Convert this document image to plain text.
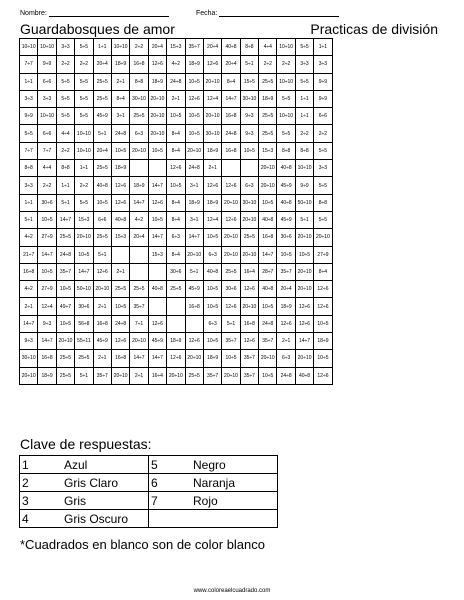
Nombre:	Fecha:
Guardabosques de amor	Practicas de división
10÷10	10÷10	3÷3	5÷5	1÷1	10÷10	2÷2	20÷4	15÷3	35÷7	20÷4	40÷8	8÷8	4÷4	10÷10	5÷5	1÷1
7÷7	9÷9	2÷2	2÷2	20÷4	18÷9	16÷8	12÷6	4÷2	18÷9	12÷6	20÷4	5÷1	2÷2	2÷2	3÷3	3÷3
1÷1	6÷6	5÷5	5÷5	25÷5	2÷1	8÷8	18÷9	24÷8	10÷5	20÷10	8÷4	15÷5	25÷5	10÷10	5÷5	9÷9
3÷3	3÷3	5÷5	5÷5	25÷5	8÷4	30÷10	20÷10	2÷1	12÷6	12÷4	14÷7	30÷10	18÷9	5÷5	1÷1	9÷9
9÷9	10÷10	5÷5	5÷5	45÷9	3÷1	25÷5	20÷10	10÷5	10÷5	20÷10	16÷8	9÷3	25÷5	10÷10	1÷1	6÷6
5÷5	6÷6	4÷4	10÷10	5÷1	24÷8	6÷3	20÷10	8÷4	10÷5	30÷10	24÷8	9÷3	25÷5	5÷5	2÷2	2÷2
7÷7	7÷7	2÷2	10÷10	20÷4	10÷5	20÷10	10÷5	8÷4	20÷10	18÷9	16÷8	10÷5	15÷3	8÷8	8÷8	5÷5
8÷8	4÷4	8÷8	1÷1	25÷5	18÷9			12÷6	24÷8	2÷1			20÷10	40÷8	10÷10	3÷3
3÷3	2÷2	1÷1	2÷2	40÷8	12÷6	18÷9	14÷7	10÷5	3÷1	12÷6	12÷6	6÷3	20÷10	45÷9	9÷9	5÷5
1÷1	30÷6	5÷1	5÷5	10÷5	12÷6	14÷7	12÷6	8÷4	18÷9	18÷9	20÷10	30÷10	10÷5	40÷8	50÷10	8÷8
5÷1	10÷5	14÷7	15÷3	6÷6	40÷8	4÷2	10÷5	8÷4	3÷1	12÷4	12÷6	20÷10	40÷8	45÷9	5÷1	5÷5
4÷2	27÷9	25÷5	20÷10	25÷5	15÷3	20÷4	14÷7	6÷3	14÷7	10÷5	20÷10	25÷5	16÷8	30÷6	20÷10	20÷10
21÷7	14÷7	24÷8	10÷5	5÷1			15÷3	8÷4	20÷10	6÷3	20÷10	20÷10	14÷7	10÷5	10÷5	27÷9
16÷8	10÷5	35÷7	14÷7	12÷6	2÷1			30÷6	5÷1	40÷8	25÷5	16÷4	28÷7	35÷7	20÷10	8÷4
4÷2	27÷9	10÷5	50÷10	20÷10	25÷5	25÷5	40÷8	25÷5	45÷9	10÷5	30÷6	12÷6	40÷8	20÷4	20÷10	12÷6
2÷1	12÷4	49÷7	30÷6	2÷1	10÷5	35÷7			16÷8	10÷5	12÷6	20÷10	10÷5	18÷9	12÷6	12÷6
14÷7	9÷3	10÷5	56÷8	16÷8	24÷8	7÷1	12÷6			6÷3	5÷1	16÷8	24÷8	12÷6	12÷6	10÷5
9÷3	14÷7	20÷10	55÷11	45÷9	12÷6	20÷10	45÷9	18÷9	12÷6	10÷5	35÷7	12÷6	35÷7	2÷1	14÷7	18÷9
30÷10	16÷8	25÷5	25÷5	2÷1	16÷8	14÷7	14÷7	12÷6	20÷10	18÷9	10÷5	35÷7	20÷10	6÷3	20÷10	10÷5
20÷10	18÷9	25÷5	5÷1	35÷7	20÷10	2÷1	16÷4	20÷10	25÷5	35÷7	20÷10	35÷7	10÷5	24÷8	40÷8	12÷6
Clave de respuestas:
1	Azul	5	Negro
2	Gris Claro	6	Naranja
3	Gris	7	Rojo
4	Gris Oscuro		
*Cuadrados en blanco son de color blanco
www.coloreaelcuadrado.com
